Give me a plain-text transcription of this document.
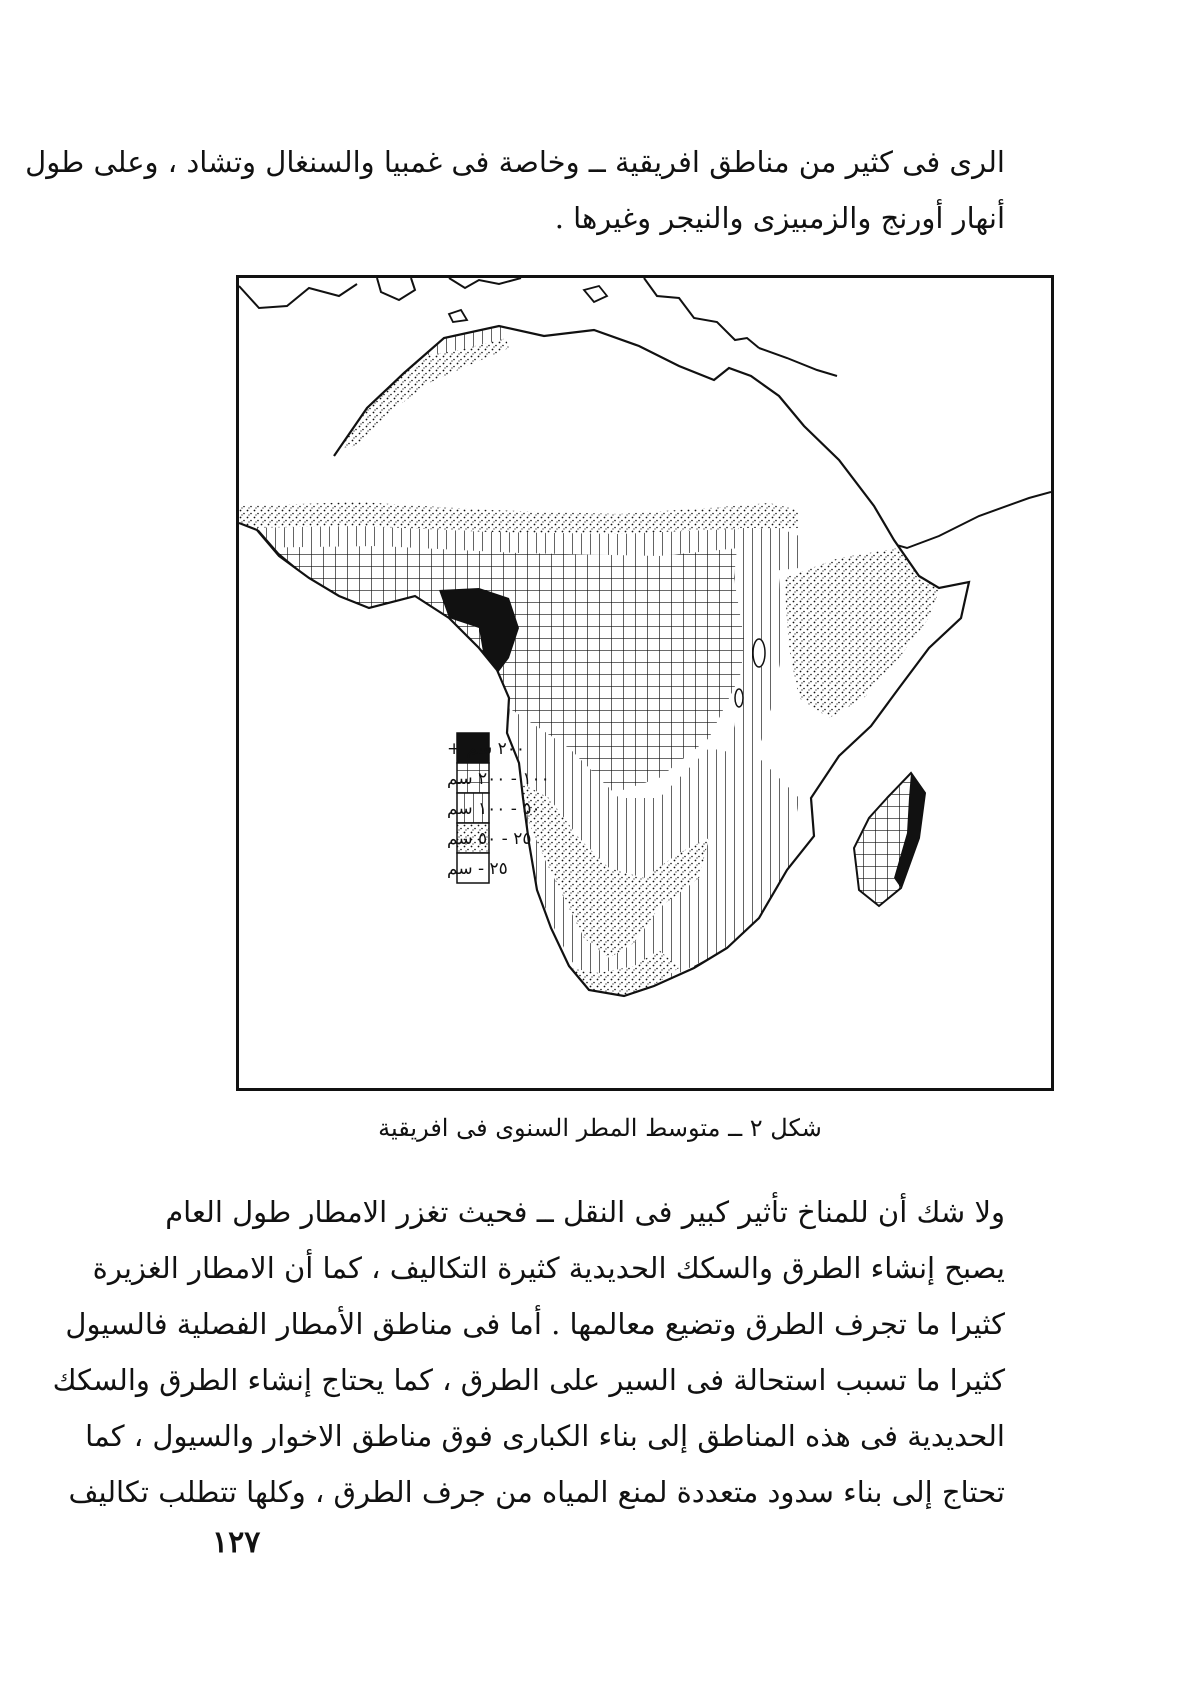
الرى فى كثير من مناطق افريقية ــ وخاصة فى غمبيا والسنغال وتشاد ، وعلى طول
أنهار أورنج والزمبيزى والنيجر وغيرها .
٢٠٠ سم +
١٠٠ - ٢٠٠ سم
٥٠ - ١٠٠ سم
٢٥ - ٥٠ سم
٢٥ - سم
شكل ٢ ــ متوسط المطر السنوى فى افريقية
ولا شك أن للمناخ تأثير كبير فى النقل ــ فحيث تغزر الامطار طول العام
يصبح إنشاء الطرق والسكك الحديدية كثيرة التكاليف ، كما أن الامطار الغزيرة
كثيرا ما تجرف الطرق وتضيع معالمها . أما فى مناطق الأمطار الفصلية فالسيول
كثيرا ما تسبب استحالة فى السير على الطرق ، كما يحتاج إنشاء الطرق والسكك
الحديدية فى هذه المناطق إلى بناء الكبارى فوق مناطق الاخوار والسيول ، كما
تحتاج إلى بناء سدود متعددة لمنع المياه من جرف الطرق ، وكلها تتطلب تكاليف
١٢٧
